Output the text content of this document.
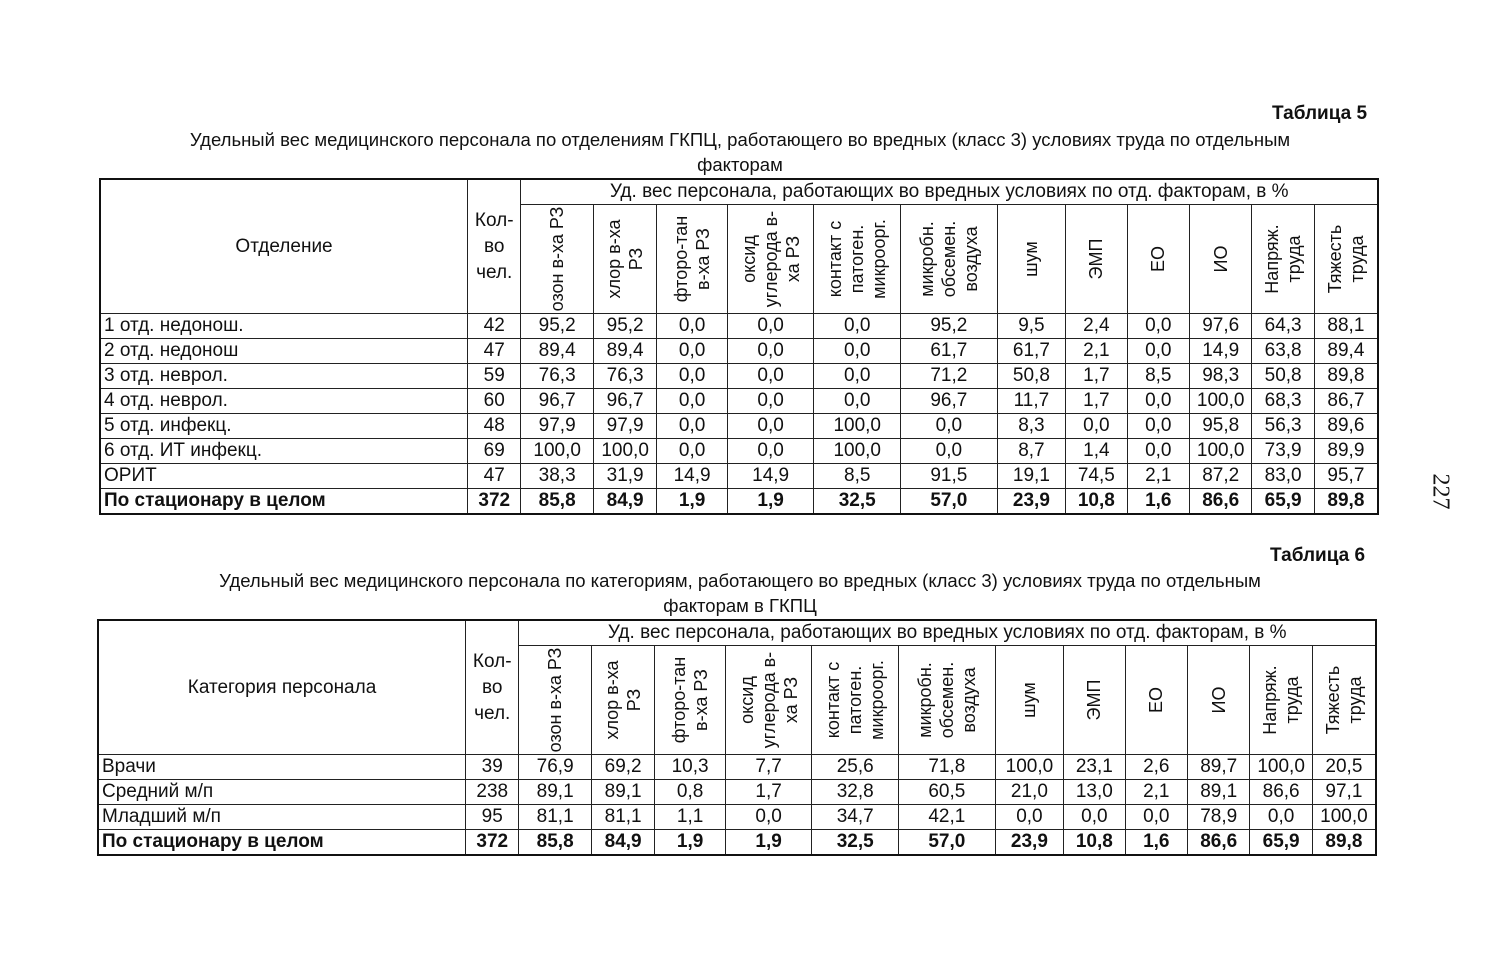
Таблица 5
Удельный вес медицинского персонала по отделениям ГКПЦ, работающего во вредных (класс 3) условиях труда по отдельным
факторам
Отделение	Кол-во чел.	Уд. вес персонала, работающих во вредных условиях по отд. факторам, в %											

		озон в-ха РЗ	хлор в-ха РЗ	фторо-тан в-ха РЗ	оксид углерода в-ха РЗ	контакт с патоген. микроорг.	микробн. обсемен. воздуха	шум	ЭМП	ЕО	ИО	Напряж. труда	Тяжесть труда

1 отд. недонош.	42	95,2	95,2	0,0	0,0	0,0	95,2	9,5	2,4	0,0	97,6	64,3	88,1
2 отд. недонош	47	89,4	89,4	0,0	0,0	0,0	61,7	61,7	2,1	0,0	14,9	63,8	89,4
3 отд. неврол.	59	76,3	76,3	0,0	0,0	0,0	71,2	50,8	1,7	8,5	98,3	50,8	89,8
4 отд. неврол.	60	96,7	96,7	0,0	0,0	0,0	96,7	11,7	1,7	0,0	100,0	68,3	86,7
5 отд. инфекц.	48	97,9	97,9	0,0	0,0	100,0	0,0	8,3	0,0	0,0	95,8	56,3	89,6
6 отд. ИТ инфекц.	69	100,0	100,0	0,0	0,0	100,0	0,0	8,7	1,4	0,0	100,0	73,9	89,9
ОРИТ	47	38,3	31,9	14,9	14,9	8,5	91,5	19,1	74,5	2,1	87,2	83,0	95,7
По стационару в целом	372	85,8	84,9	1,9	1,9	32,5	57,0	23,9	10,8	1,6	86,6	65,9	89,8
Таблица 6
Удельный вес медицинского персонала по категориям, работающего во вредных (класс 3) условиях труда по отдельным
факторам в ГКПЦ
Категория персонала	Кол-во чел.	Уд. вес персонала, работающих во вредных условиях по отд. факторам, в %											

		озон в-ха РЗ	хлор в-ха РЗ	фторо-тан в-ха РЗ	оксид углерода в-ха РЗ	контакт с патоген. микроорг.	микробн. обсемен. воздуха	шум	ЭМП	ЕО	ИО	Напряж. труда	Тяжесть труда

Врачи	39	76,9	69,2	10,3	7,7	25,6	71,8	100,0	23,1	2,6	89,7	100,0	20,5
Средний м/п	238	89,1	89,1	0,8	1,7	32,8	60,5	21,0	13,0	2,1	89,1	86,6	97,1
Младший м/п	95	81,1	81,1	1,1	0,0	34,7	42,1	0,0	0,0	0,0	78,9	0,0	100,0
По стационару в целом	372	85,8	84,9	1,9	1,9	32,5	57,0	23,9	10,8	1,6	86,6	65,9	89,8
227
